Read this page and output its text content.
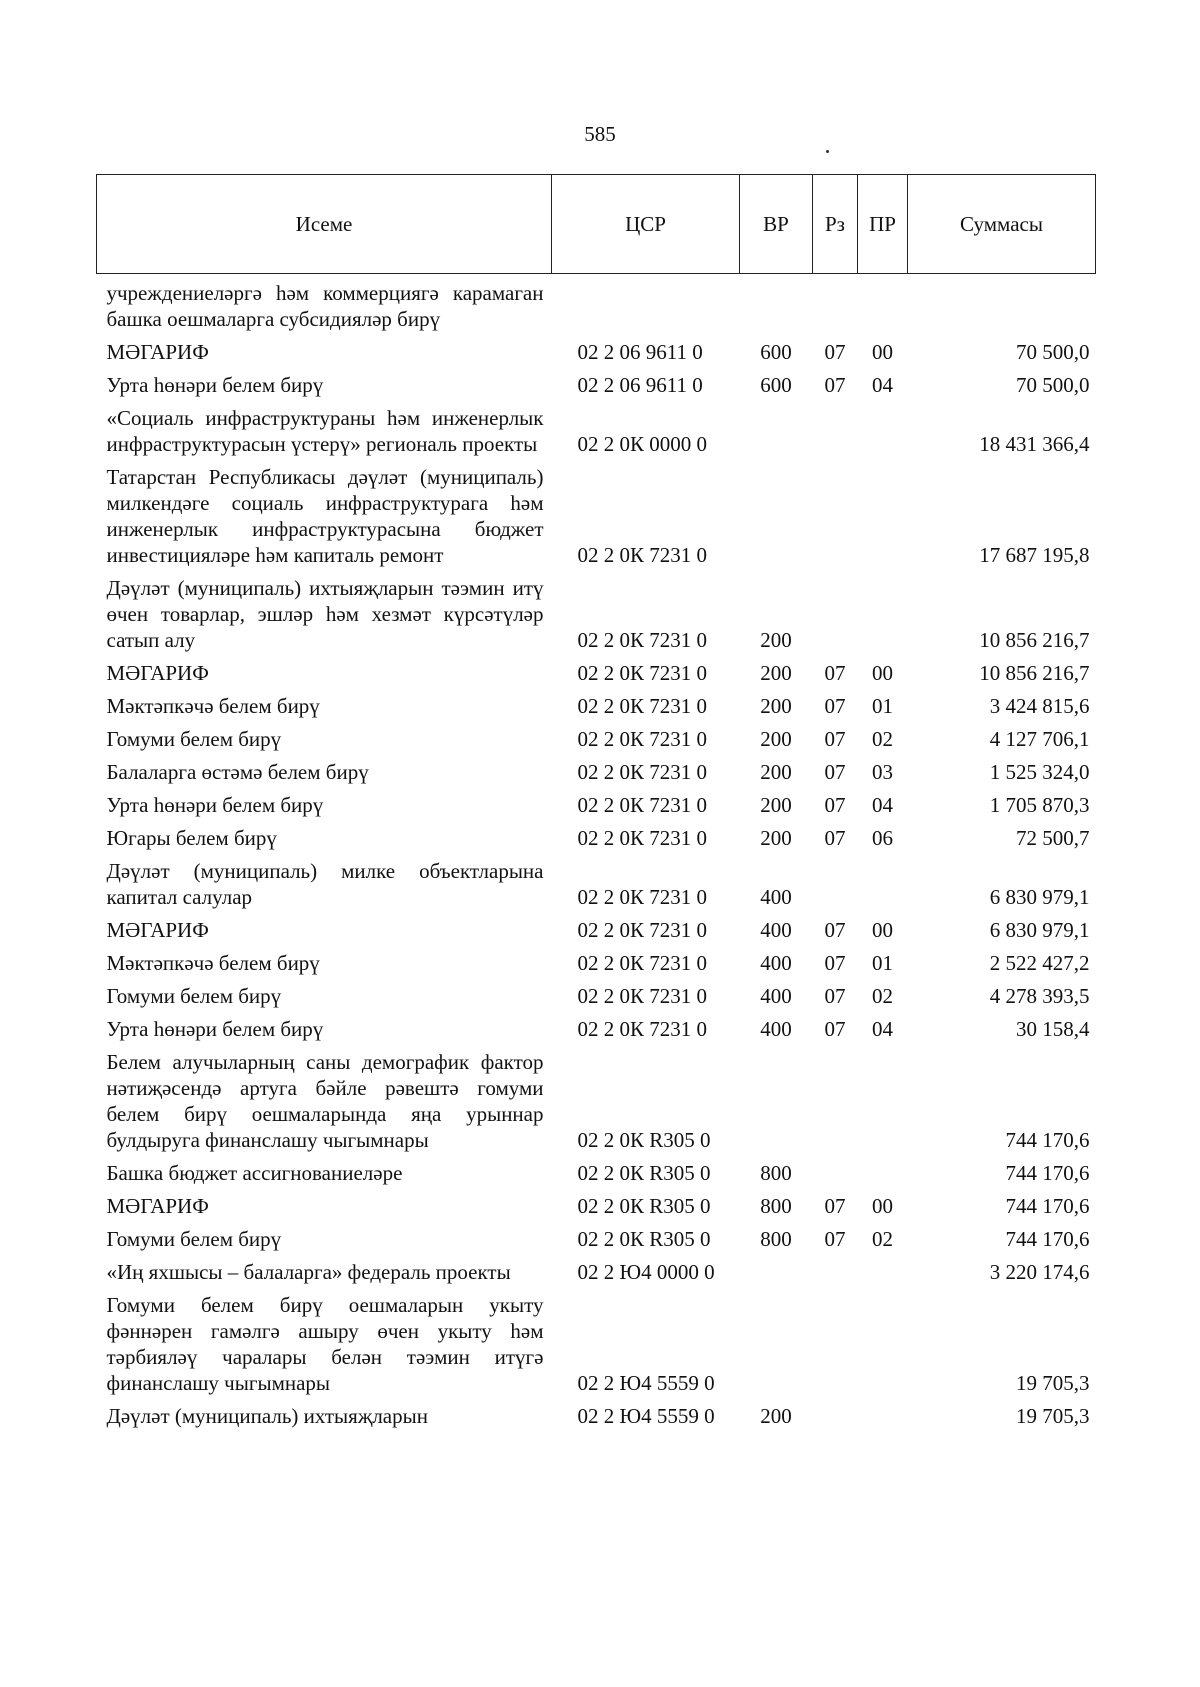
585
Исеме	ЦСР	ВР	Рз	ПР	Суммасы
учреждениеләргә һәм коммерциягә карамаган башка оешмаларга субсидияләр бирү					
МӘГАРИФ	02 2 06 9611 0	600	07	00	70 500,0
Урта һөнәри белем бирү	02 2 06 9611 0	600	07	04	70 500,0
«Социаль инфраструктураны һәм инженерлык инфраструктурасын үстерү» региональ проекты	02 2 0К 0000 0				18 431 366,4
Татарстан Республикасы дәүләт (муниципаль) милкендәге социаль инфраструктурага һәм инженерлык инфраструктурасына бюджет инвестицияләре һәм капиталь ремонт	02 2 0К 7231 0				17 687 195,8
Дәүләт (муниципаль) ихтыяҗларын тәэмин итү өчен товарлар, эшләр һәм хезмәт күрсәтүләр сатып алу	02 2 0К 7231 0	200			10 856 216,7
МӘГАРИФ	02 2 0К 7231 0	200	07	00	10 856 216,7
Мәктәпкәчә белем бирү	02 2 0К 7231 0	200	07	01	3 424 815,6
Гомуми белем бирү	02 2 0К 7231 0	200	07	02	4 127 706,1
Балаларга өстәмә белем бирү	02 2 0К 7231 0	200	07	03	1 525 324,0
Урта һөнәри белем бирү	02 2 0К 7231 0	200	07	04	1 705 870,3
Югары белем бирү	02 2 0К 7231 0	200	07	06	72 500,7
Дәүләт (муниципаль) милке объектларына капитал салулар	02 2 0К 7231 0	400			6 830 979,1
МӘГАРИФ	02 2 0К 7231 0	400	07	00	6 830 979,1
Мәктәпкәчә белем бирү	02 2 0К 7231 0	400	07	01	2 522 427,2
Гомуми белем бирү	02 2 0К 7231 0	400	07	02	4 278 393,5
Урта һөнәри белем бирү	02 2 0К 7231 0	400	07	04	30 158,4
Белем алучыларның саны демографик фактор нәтиҗәсендә артуга бәйле рәвештә гомуми белем бирү оешмаларында яңа урыннар булдыруга финанслашу чыгымнары	02 2 0К R305 0				744 170,6
Башка бюджет ассигнованиеләре	02 2 0К R305 0	800			744 170,6
МӘГАРИФ	02 2 0К R305 0	800	07	00	744 170,6
Гомуми белем бирү	02 2 0К R305 0	800	07	02	744 170,6
«Иң яхшысы – балаларга» федераль проекты	02 2 Ю4 0000 0				3 220 174,6
Гомуми белем бирү оешмаларын укыту фәннәрен гамәлгә ашыру өчен укыту һәм тәрбияләү чаралары белән тәэмин итүгә финанслашу чыгымнары	02 2 Ю4 5559 0				19 705,3
Дәүләт (муниципаль) ихтыяҗларын	02 2 Ю4 5559 0	200			19 705,3
